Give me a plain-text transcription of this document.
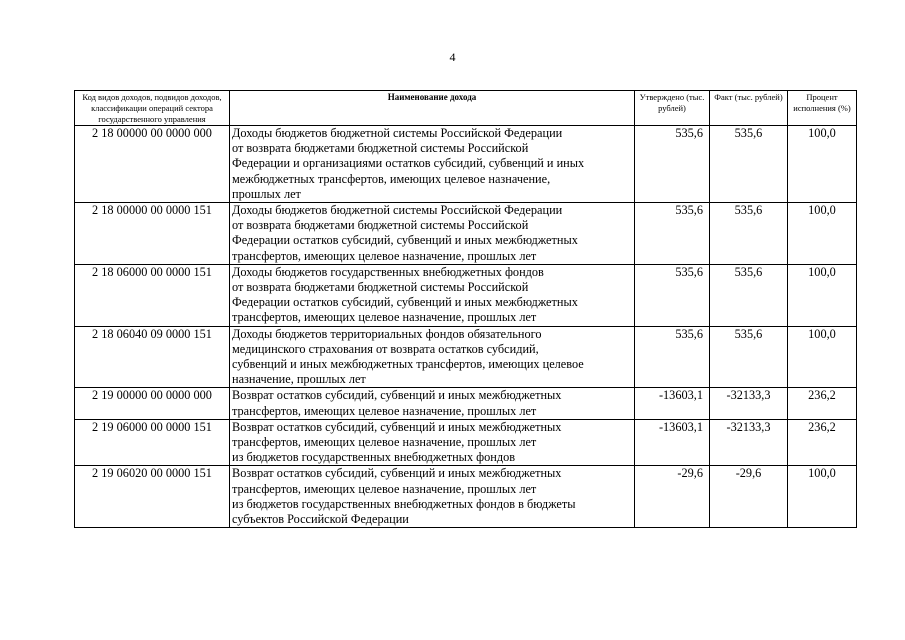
4
Код видов доходов, подвидов доходов, классификации операций сектора государственного управления	Наименование дохода	Утверждено (тыс. рублей)	Факт (тыс. рублей)	Процент исполнения (%)
2 18 00000 00 0000 000	Доходы бюджетов бюджетной системы Российской Федерации
от возврата бюджетами бюджетной системы Российской
Федерации и организациями остатков субсидий, субвенций и иных
межбюджетных трансфертов, имеющих целевое назначение,
прошлых лет	535,6	535,6	100,0
2 18 00000 00 0000 151	Доходы бюджетов бюджетной системы Российской Федерации
от возврата бюджетами бюджетной системы Российской
Федерации остатков субсидий, субвенций и иных межбюджетных
трансфертов, имеющих целевое назначение, прошлых лет	535,6	535,6	100,0
2 18 06000 00 0000 151	Доходы бюджетов государственных внебюджетных фондов
от возврата бюджетами бюджетной системы Российской
Федерации остатков субсидий, субвенций и иных межбюджетных
трансфертов, имеющих целевое назначение, прошлых лет	535,6	535,6	100,0
2 18 06040 09 0000 151	Доходы бюджетов территориальных фондов обязательного
медицинского страхования от возврата остатков субсидий,
субвенций и иных межбюджетных трансфертов, имеющих целевое
назначение, прошлых лет	535,6	535,6	100,0
2 19 00000 00 0000 000	Возврат остатков субсидий, субвенций и иных межбюджетных
трансфертов, имеющих целевое назначение, прошлых лет	-13603,1	-32133,3	236,2
2 19 06000 00 0000 151	Возврат остатков субсидий, субвенций и иных межбюджетных
трансфертов, имеющих целевое назначение, прошлых лет
из бюджетов государственных внебюджетных фондов	-13603,1	-32133,3	236,2
2 19 06020 00 0000 151	Возврат остатков субсидий, субвенций и иных межбюджетных
трансфертов, имеющих целевое назначение, прошлых лет
из бюджетов государственных внебюджетных фондов в бюджеты
субъектов Российской Федерации	-29,6	-29,6	100,0
